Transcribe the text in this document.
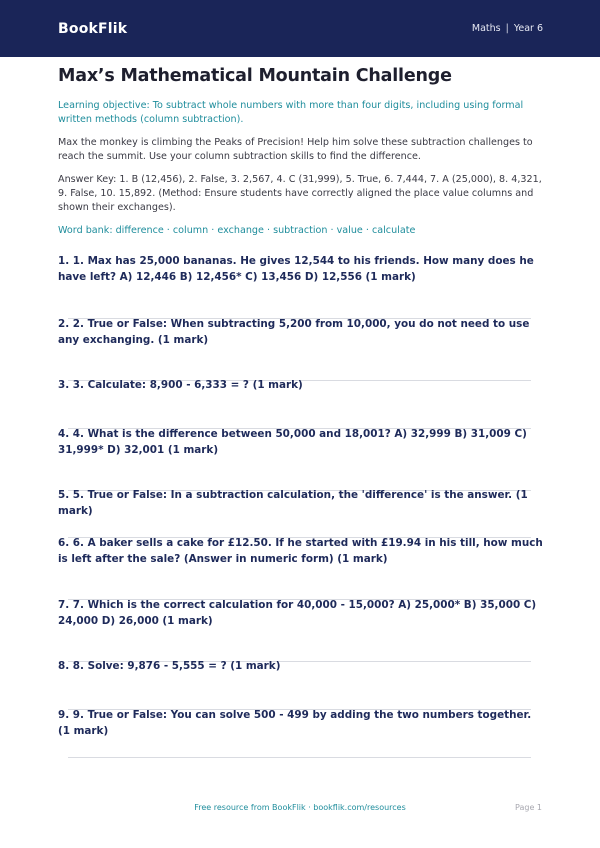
BookFlik	Maths | Year 6
Max’s Mathematical Mountain Challenge
Learning objective: To subtract whole numbers with more than four digits, including using formal written methods (column subtraction).
Max the monkey is climbing the Peaks of Precision! Help him solve these subtraction challenges to reach the summit. Use your column subtraction skills to find the difference.
Answer Key: 1. B (12,456), 2. False, 3. 2,567, 4. C (31,999), 5. True, 6. 7,444, 7. A (25,000), 8. 4,321, 9. False, 10. 15,892. (Method: Ensure students have correctly aligned the place value columns and shown their exchanges).
Word bank: difference · column · exchange · subtraction · value · calculate
1. 1. Max has 25,000 bananas. He gives 12,544 to his friends. How many does he have left? A) 12,446 B) 12,456* C) 13,456 D) 12,556 (1 mark)
2. 2. True or False: When subtracting 5,200 from 10,000, you do not need to use any exchanging. (1 mark)
3. 3. Calculate: 8,900 - 6,333 = ? (1 mark)
4. 4. What is the difference between 50,000 and 18,001? A) 32,999 B) 31,009 C) 31,999* D) 32,001 (1 mark)
5. 5. True or False: In a subtraction calculation, the 'difference' is the answer. (1 mark)
6. 6. A baker sells a cake for £12.50. If he started with £19.94 in his till, how much is left after the sale? (Answer in numeric form) (1 mark)
7. 7. Which is the correct calculation for 40,000 - 15,000? A) 25,000* B) 35,000 C) 24,000 D) 26,000 (1 mark)
8. 8. Solve: 9,876 - 5,555 = ? (1 mark)
9. 9. True or False: You can solve 500 - 499 by adding the two numbers together. (1 mark)
Free resource from BookFlik · bookflik.com/resources	Page 1
